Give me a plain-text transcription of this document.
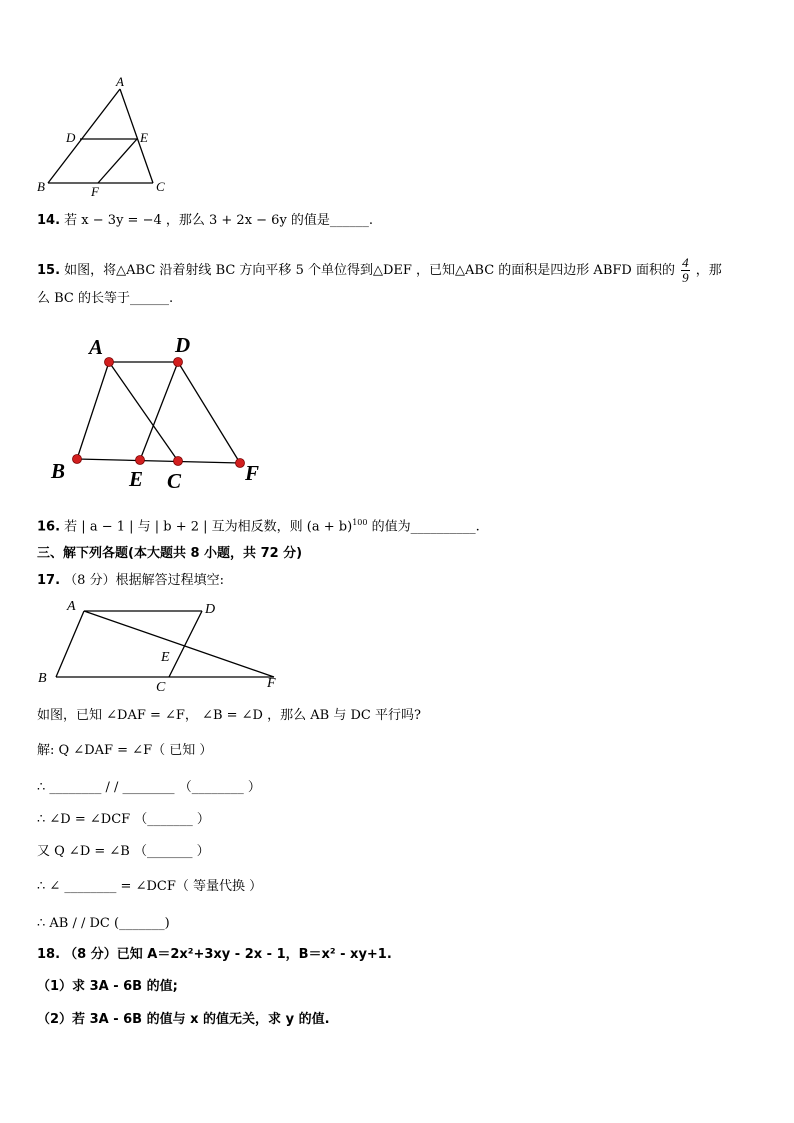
A
D	E
B	F	C
14. 若 x − 3y = −4 ，那么 3 + 2x − 6y 的值是______.
15. 如图，将△ABC 沿着射线 BC 方向平移 5 个单位得到△DEF ，已知△ABC 的面积是四边形 ABFD 面积的 $\frac{4}{9}$ ，那
么 BC 的长等于______.
A	D
B	E C	F
16. 若 | a − 1 | 与 | b + 2 | 互为相反数，则 $(a + b)^{100}$ 的值为__________.
三、解下列各题(本大题共 8 小题，共 72 分)
17. （8 分）根据解答过程填空:
A	D
E
B
C	F
如图，已知 ∠DAF = ∠F， ∠B = ∠D ，那么 AB 与 DC 平行吗?
解: Q ∠DAF = ∠F（ 已知 ）
∴ ________ / / ________ （________ ）
∴ ∠D = ∠DCF （_______ ）
又 Q ∠D = ∠B （_______ ）
∴ ∠ ________ = ∠DCF（ 等量代换 ）
∴ AB / / DC (_______)
18. （8 分）已知 A＝2x²+3xy - 2x - 1，B＝x² - xy+1.
（1）求 3A - 6B 的值;
（2）若 3A - 6B 的值与 x 的值无关，求 y 的值.
